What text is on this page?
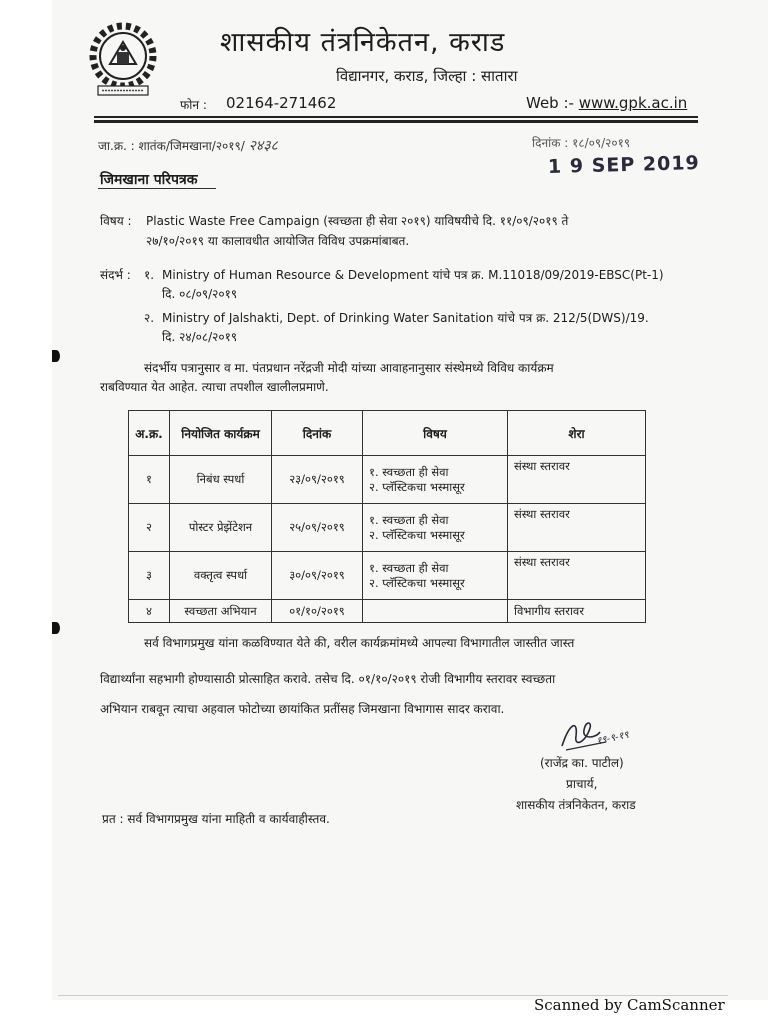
शासकीय तंत्रनिकेतन, कराड
विद्यानगर, कराड, जिल्हा : सातारा
फोन : 02164-271462	Web :- www.gpk.ac.in
जा.क्र. : शातंक/जिमखाना/२०१९/ २४३८	दिनांक : १८/०९/२०१९
1 9 SEP 2019
जिमखाना परिपत्रक
विषय : Plastic Waste Free Campaign (स्वच्छता ही सेवा २०१९) याविषयीचे दि. ११/०९/२०१९ ते
२७/१०/२०१९ या कालावधीत आयोजित विविध उपक्रमांबाबत.
संदर्भ : १. Ministry of Human Resource & Development यांचे पत्र क्र. M.11018/09/2019-EBSC(Pt-1)
दि. ०८/०९/२०१९
२. Ministry of Jalshakti, Dept. of Drinking Water Sanitation यांचे पत्र क्र. 212/5(DWS)/19.
दि. २४/०८/२०१९
संदर्भीय पत्रानुसार व मा. पंतप्रधान नरेंद्रजी मोदी यांच्या आवाहनानुसार संस्थेमध्ये विविध कार्यक्रम
राबविण्यात येत आहेत. त्याचा तपशील खालीलप्रमाणे.
अ.क्र.	नियोजित कार्यक्रम	दिनांक	विषय	शेरा
१	निबंध स्पर्धा	२३/०९/२०१९	१. स्वच्छता ही सेवा
२. प्लॅस्टिकचा भस्मासूर	संस्था स्तरावर
२	पोस्टर प्रेझेंटेशन	२५/०९/२०१९	१. स्वच्छता ही सेवा
२. प्लॅस्टिकचा भस्मासूर	संस्था स्तरावर
३	वक्तृत्व स्पर्धा	३०/०९/२०१९	१. स्वच्छता ही सेवा
२. प्लॅस्टिकचा भस्मासूर	संस्था स्तरावर
४	स्वच्छता अभियान	०१/१०/२०१९		विभागीय स्तरावर
सर्व विभागप्रमुख यांना कळविण्यात येते की, वरील कार्यक्रमांमध्ये आपल्या विभागातील जास्तीत जास्त
विद्यार्थ्यांना सहभागी होण्यासाठी प्रोत्साहित करावे. तसेच दि. ०१/१०/२०१९ रोजी विभागीय स्तरावर स्वच्छता
अभियान राबवून त्याचा अहवाल फोटोच्या छायांकित प्रतींसह जिमखाना विभागास सादर करावा.
१९-९-१९
(राजेंद्र का. पाटील)
प्राचार्य,
शासकीय तंत्रनिकेतन, कराड
प्रत : सर्व विभागप्रमुख यांना माहिती व कार्यवाहीस्तव.
Scanned by CamScanner
